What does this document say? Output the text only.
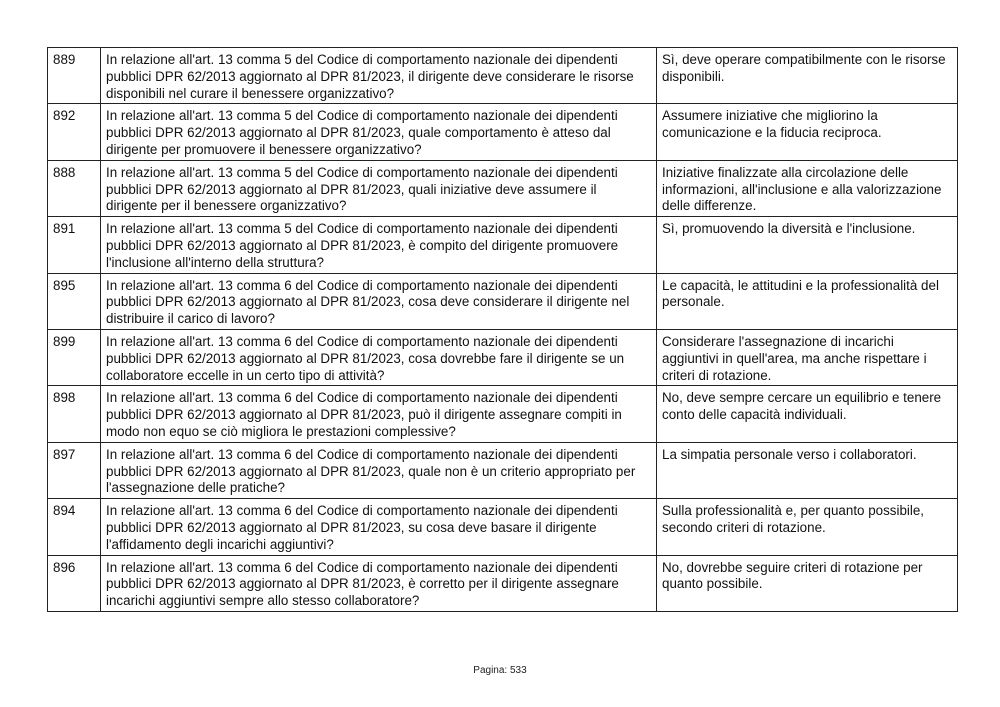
889	In relazione all'art. 13 comma 5 del Codice di comportamento nazionale dei dipendenti pubblici DPR 62/2013 aggiornato al DPR 81/2023, il dirigente deve considerare le risorse disponibili nel curare il benessere organizzativo?	Sì, deve operare compatibilmente con le risorse disponibili.
892	In relazione all'art. 13 comma 5 del Codice di comportamento nazionale dei dipendenti pubblici DPR 62/2013 aggiornato al DPR 81/2023, quale comportamento è atteso dal dirigente per promuovere il benessere organizzativo?	Assumere iniziative che migliorino la comunicazione e la fiducia reciproca.
888	In relazione all'art. 13 comma 5 del Codice di comportamento nazionale dei dipendenti pubblici DPR 62/2013 aggiornato al DPR 81/2023, quali iniziative deve assumere il dirigente per il benessere organizzativo?	Iniziative finalizzate alla circolazione delle informazioni, all'inclusione e alla valorizzazione delle differenze.
891	In relazione all'art. 13 comma 5 del Codice di comportamento nazionale dei dipendenti pubblici DPR 62/2013 aggiornato al DPR 81/2023, è compito del dirigente promuovere l'inclusione all'interno della struttura?	Sì, promuovendo la diversità e l'inclusione.
895	In relazione all'art. 13 comma 6 del Codice di comportamento nazionale dei dipendenti pubblici DPR 62/2013 aggiornato al DPR 81/2023, cosa deve considerare il dirigente nel distribuire il carico di lavoro?	Le capacità, le attitudini e la professionalità del personale.
899	In relazione all'art. 13 comma 6 del Codice di comportamento nazionale dei dipendenti pubblici DPR 62/2013 aggiornato al DPR 81/2023, cosa dovrebbe fare il dirigente se un collaboratore eccelle in un certo tipo di attività?	Considerare l'assegnazione di incarichi aggiuntivi in quell'area, ma anche rispettare i criteri di rotazione.
898	In relazione all'art. 13 comma 6 del Codice di comportamento nazionale dei dipendenti pubblici DPR 62/2013 aggiornato al DPR 81/2023, può il dirigente assegnare compiti in modo non equo se ciò migliora le prestazioni complessive?	No, deve sempre cercare un equilibrio e tenere conto delle capacità individuali.
897	In relazione all'art. 13 comma 6 del Codice di comportamento nazionale dei dipendenti pubblici DPR 62/2013 aggiornato al DPR 81/2023, quale non è un criterio appropriato per l'assegnazione delle pratiche?	La simpatia personale verso i collaboratori.
894	In relazione all'art. 13 comma 6 del Codice di comportamento nazionale dei dipendenti pubblici DPR 62/2013 aggiornato al DPR 81/2023, su cosa deve basare il dirigente l'affidamento degli incarichi aggiuntivi?	Sulla professionalità e, per quanto possibile, secondo criteri di rotazione.
896	In relazione all'art. 13 comma 6 del Codice di comportamento nazionale dei dipendenti pubblici DPR 62/2013 aggiornato al DPR 81/2023, è corretto per il dirigente assegnare incarichi aggiuntivi sempre allo stesso collaboratore?	No, dovrebbe seguire criteri di rotazione per quanto possibile.
Pagina: 533
